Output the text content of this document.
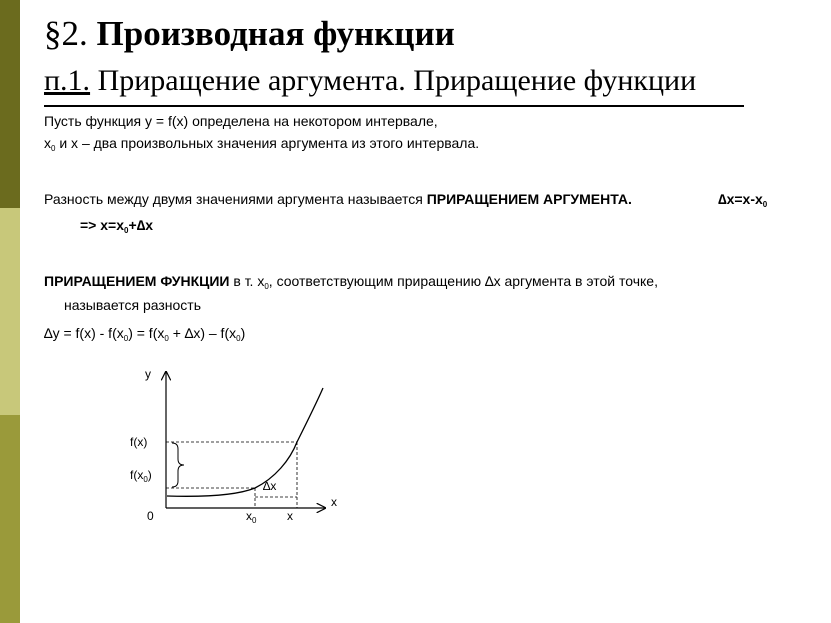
§2. Производная функции
п.1. Приращение аргумента. Приращение функции
Пусть функция y = f(x) определена на некотором интервале,
$x_0$ и x – два произвольных значения аргумента из этого интервала.
Разность между двумя значениями аргумента называется ПРИРАЩЕНИЕМ АРГУМЕНТА.	$\Delta x=x-x_0$
=> $x=x_0+\Delta x$
ПРИРАЩЕНИЕМ ФУНКЦИИ в т. $x_0$, соответствующим приращению ∆x аргумента в этой точке,
называется разность
$\Delta y = f(x) - f(x_0) = f(x_0 + \Delta x) - f(x_0)$
y
x
0
f(x)
$f(x_0)$
$x_0$	x
∆x
